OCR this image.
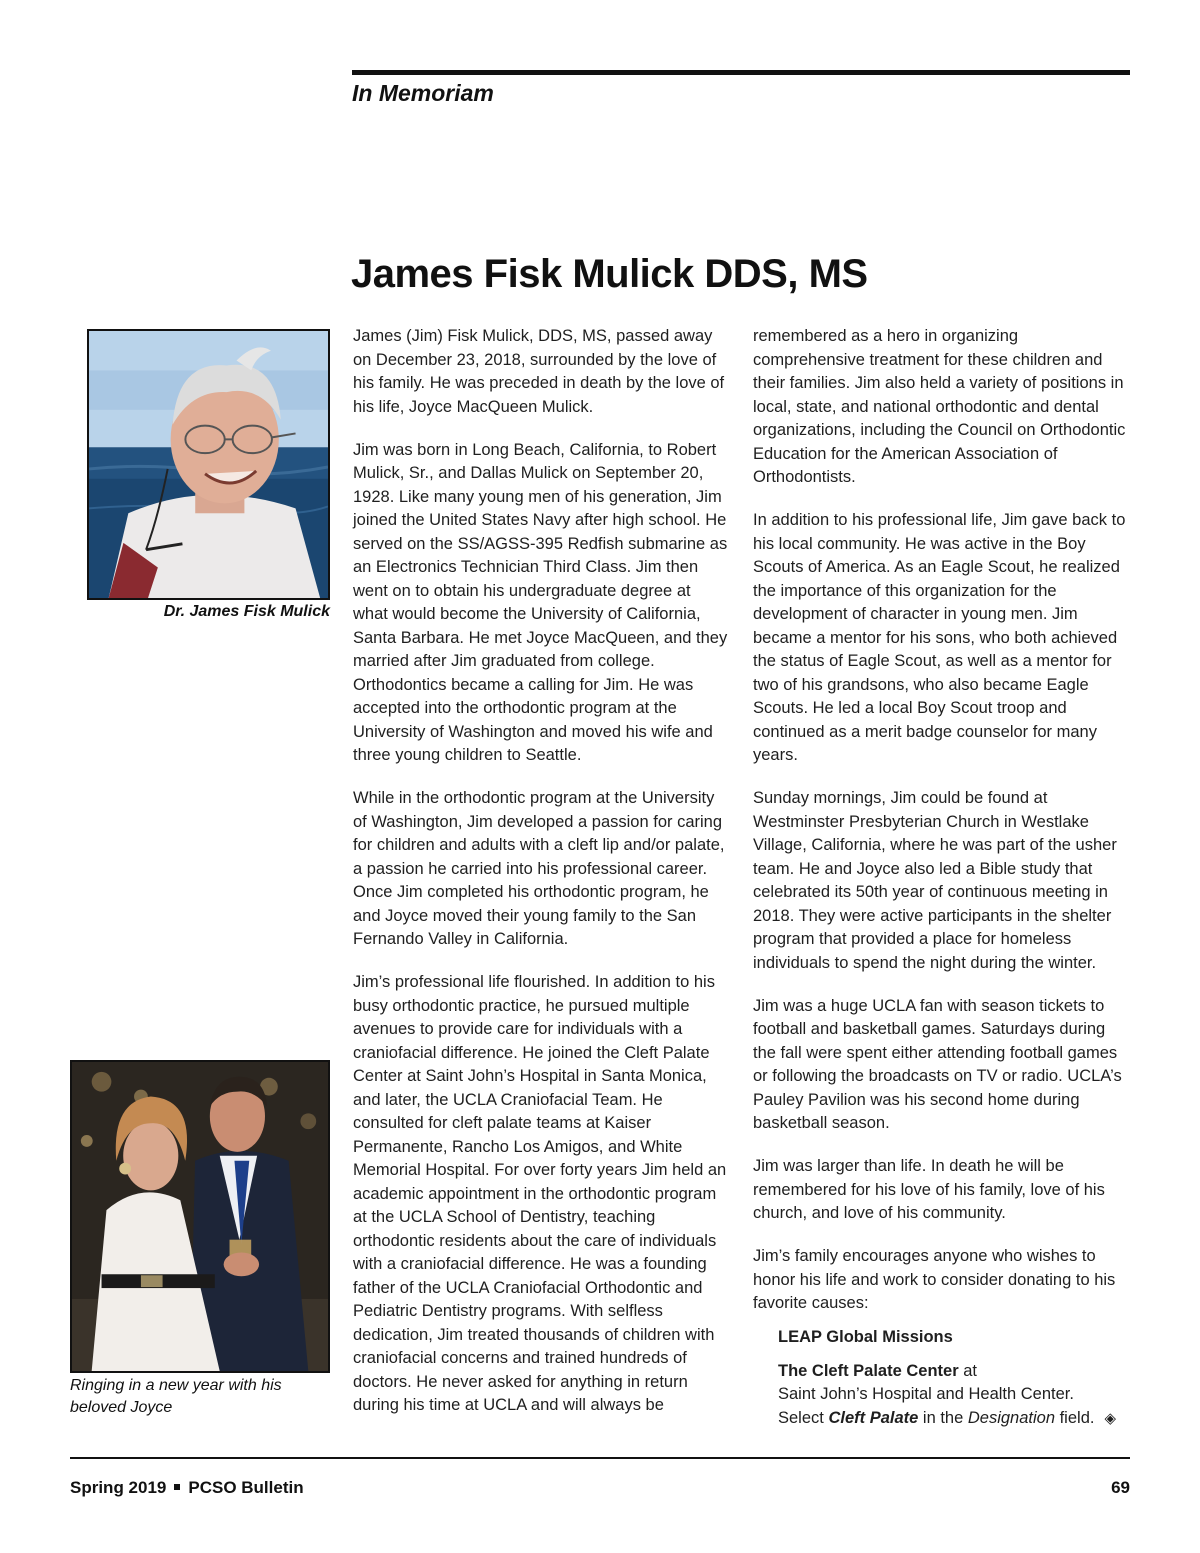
In Memoriam
James Fisk Mulick DDS, MS
Dr. James Fisk Mulick
Ringing in a new year with his beloved Joyce

James (Jim) Fisk Mulick, DDS, MS, passed away on December 23, 2018, surrounded by the love of his family. He was preceded in death by the love of his life, Joyce MacQueen Mulick.

Jim was born in Long Beach, California, to Robert Mulick, Sr., and Dallas Mulick on September 20, 1928. Like many young men of his generation, Jim joined the United States Navy after high school. He served on the SS/AGSS-395 Redfish submarine as an Electronics Technician Third Class. Jim then went on to obtain his undergraduate degree at what would become the University of California, Santa Barbara. He met Joyce MacQueen, and they married after Jim graduated from college. Orthodontics became a calling for Jim. He was accepted into the orthodontic program at the University of Washington and moved his wife and three young children to Seattle.

While in the orthodontic program at the University of Washington, Jim developed a passion for caring for children and adults with a cleft lip and/or palate, a passion he carried into his professional career. Once Jim completed his orthodontic program, he and Joyce moved their young family to the San Fernando Valley in California.

Jim’s professional life flourished. In addition to his busy orthodontic practice, he pursued multiple avenues to provide care for individuals with a craniofacial difference. He joined the Cleft Palate Center at Saint John’s Hospital in Santa Monica, and later, the UCLA Craniofacial Team. He consulted for cleft palate teams at Kaiser Permanente, Rancho Los Amigos, and White Memorial Hospital. For over forty years Jim held an academic appointment in the orthodontic program at the UCLA School of Dentistry, teaching orthodontic residents about the care of individuals with a craniofacial difference. He was a founding father of the UCLA Craniofacial Orthodontic and Pediatric Dentistry programs. With selfless dedication, Jim treated thousands of children with craniofacial concerns and trained hundreds of doctors. He never asked for anything in return during his time at UCLA and will always be

remembered as a hero in organizing comprehensive treatment for these children and their families. Jim also held a variety of positions in local, state, and national orthodontic and dental organizations, including the Council on Orthodontic Education for the American Association of Orthodontists.

In addition to his professional life, Jim gave back to his local community. He was active in the Boy Scouts of America. As an Eagle Scout, he realized the importance of this organization for the development of character in young men. Jim became a mentor for his sons, who both achieved the status of Eagle Scout, as well as a mentor for two of his grandsons, who also became Eagle Scouts. He led a local Boy Scout troop and continued as a merit badge counselor for many years.

Sunday mornings, Jim could be found at Westminster Presbyterian Church in Westlake Village, California, where he was part of the usher team. He and Joyce also led a Bible study that celebrated its 50th year of continuous meeting in 2018. They were active participants in the shelter program that provided a place for homeless individuals to spend the night during the winter.

Jim was a huge UCLA fan with season tickets to football and basketball games. Saturdays during the fall were spent either attending football games or following the broadcasts on TV or radio. UCLA’s Pauley Pavilion was his second home during basketball season.

Jim was larger than life. In death he will be remembered for his love of his family, love of his church, and love of his community.

Jim’s family encourages anyone who wishes to honor his life and work to consider donating to his favorite causes:

LEAP Global Missions
The Cleft Palate Center at
Saint John’s Hospital and Health Center.
Select Cleft Palate in the Designation field. ◈
Spring 2019 PCSO Bulletin	69
